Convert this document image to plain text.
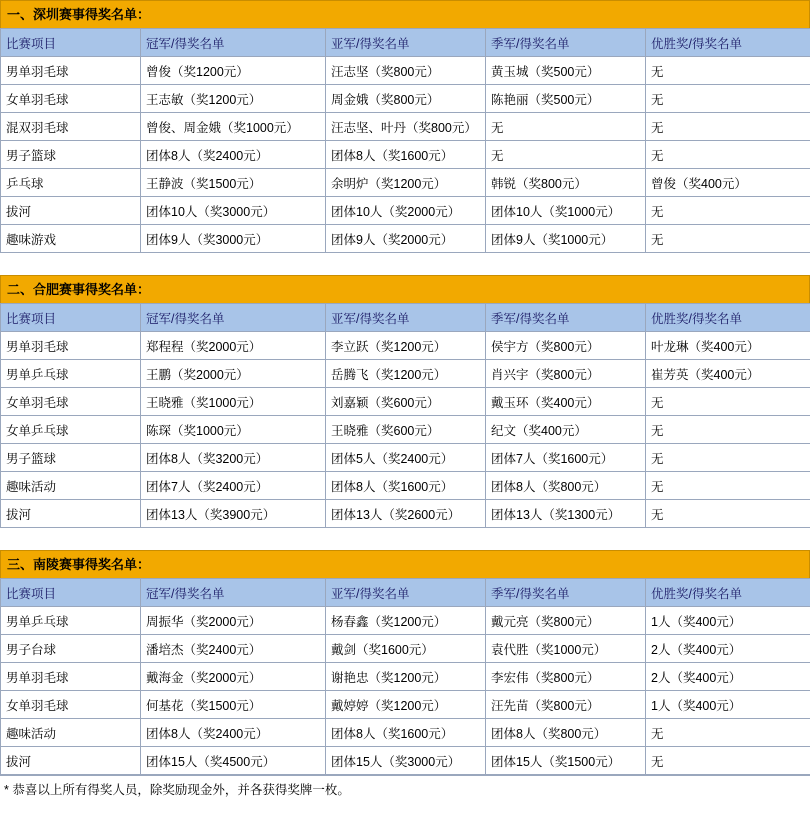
一、深圳赛事得奖名单：
比赛项目	冠军/得奖名单	亚军/得奖名单	季军/得奖名单	优胜奖/得奖名单
男单羽毛球	曾俊（奖1200元）	汪志坚（奖800元）	黄玉城（奖500元）	无
女单羽毛球	王志敏（奖1200元）	周金娥（奖800元）	陈艳丽（奖500元）	无
混双羽毛球	曾俊、周金娥（奖1000元）	汪志坚、叶丹（奖800元）	无	无
男子篮球	团体8人（奖2400元）	团体8人（奖1600元）	无	无
乒乓球	王静波（奖1500元）	余明炉（奖1200元）	韩锐（奖800元）	曾俊（奖400元）
拔河	团体10人（奖3000元）	团体10人（奖2000元）	团体10人（奖1000元）	无
趣味游戏	团体9人（奖3000元）	团体9人（奖2000元）	团体9人（奖1000元）	无
二、合肥赛事得奖名单：
比赛项目	冠军/得奖名单	亚军/得奖名单	季军/得奖名单	优胜奖/得奖名单
男单羽毛球	郑程程（奖2000元）	李立跃（奖1200元）	侯宇方（奖800元）	叶龙琳（奖400元）
男单乒乓球	王鹏（奖2000元）	岳腾飞（奖1200元）	肖兴宇（奖800元）	崔芳英（奖400元）
女单羽毛球	王晓雅（奖1000元）	刘嘉颖（奖600元）	戴玉环（奖400元）	无
女单乒乓球	陈琛（奖1000元）	王晓雅（奖600元）	纪文（奖400元）	无
男子篮球	团体8人（奖3200元）	团体5人（奖2400元）	团体7人（奖1600元）	无
趣味活动	团体7人（奖2400元）	团体8人（奖1600元）	团体8人（奖800元）	无
拔河	团体13人（奖3900元）	团体13人（奖2600元）	团体13人（奖1300元）	无
三、南陵赛事得奖名单：
比赛项目	冠军/得奖名单	亚军/得奖名单	季军/得奖名单	优胜奖/得奖名单
男单乒乓球	周振华（奖2000元）	杨春鑫（奖1200元）	戴元亮（奖800元）	1人（奖400元）
男子台球	潘培杰（奖2400元）	戴剑（奖1600元）	袁代胜（奖1000元）	2人（奖400元）
男单羽毛球	戴海金（奖2000元）	谢艳忠（奖1200元）	李宏伟（奖800元）	2人（奖400元）
女单羽毛球	何基花（奖1500元）	戴婷婷（奖1200元）	汪先苗（奖800元）	1人（奖400元）
趣味活动	团体8人（奖2400元）	团体8人（奖1600元）	团体8人（奖800元）	无
拔河	团体15人（奖4500元）	团体15人（奖3000元）	团体15人（奖1500元）	无
* 恭喜以上所有得奖人员，除奖励现金外，并各获得奖牌一枚。
